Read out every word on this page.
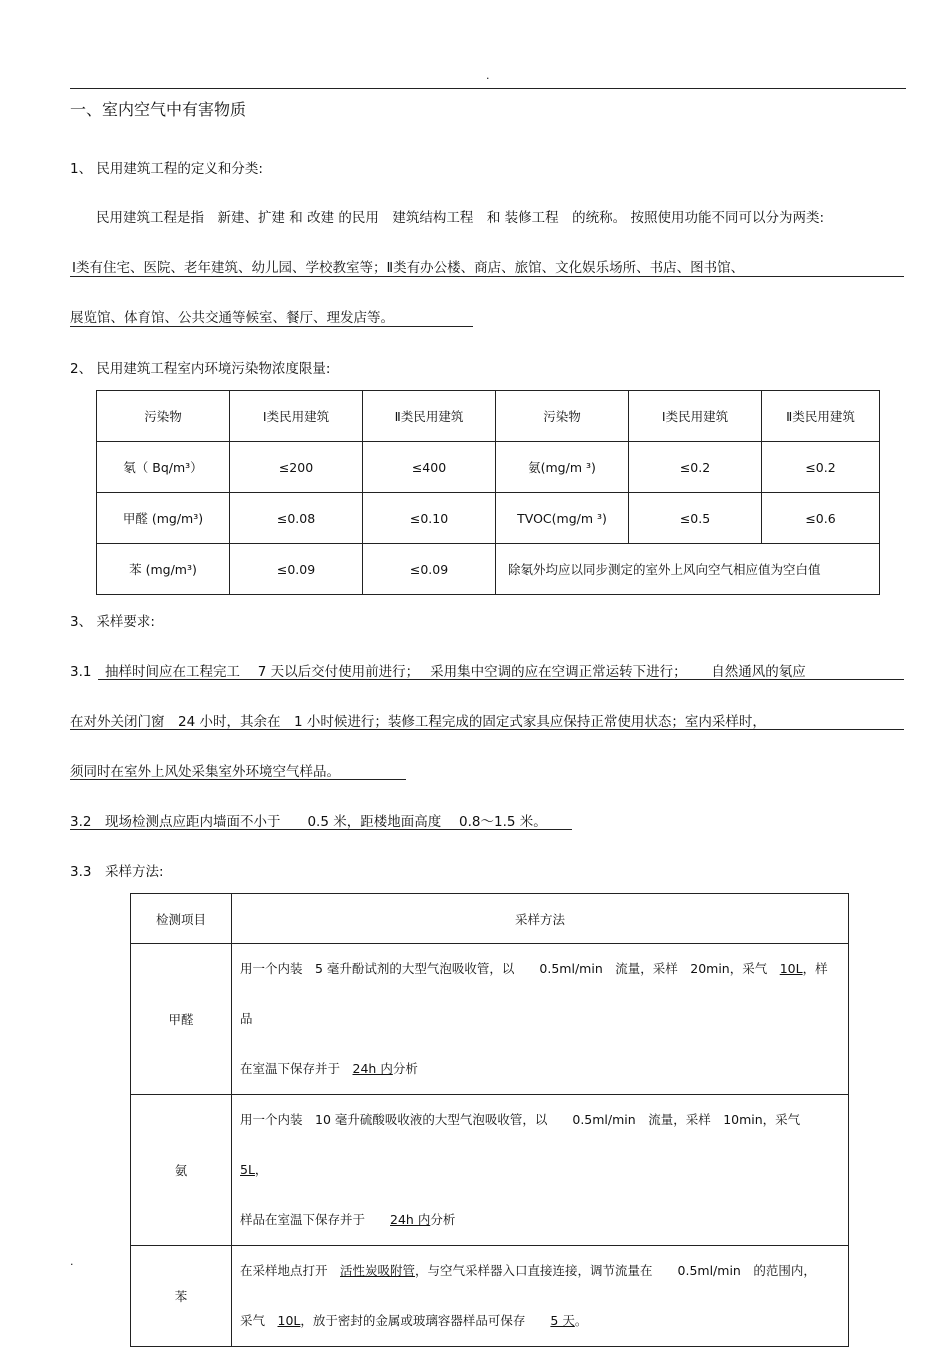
.
一、室内空气中有害物质
1、 民用建筑工程的定义和分类:
民用建筑工程是指　新建、扩建 和 改建 的民用　建筑结构工程　和 装修工程　的统称。 按照使用功能不同可以分为两类:
Ⅰ类有住宅、医院、老年建筑、幼儿园、学校教室等；Ⅱ类有办公楼、商店、旅馆、文化娱乐场所、书店、图书馆、
展览馆、体育馆、公共交通等候室、餐厅、理发店等。
2、 民用建筑工程室内环境污染物浓度限量:
污染物	Ⅰ类民用建筑	Ⅱ类民用建筑	污染物	Ⅰ类民用建筑	Ⅱ类民用建筑
氡（ Bq/m³）	≤200	≤400	氨(mg/m ³)	≤0.2	≤0.2
甲醛 (mg/m³)	≤0.08	≤0.10	TVOC(mg/m ³)	≤0.5	≤0.6
苯 (mg/m³)	≤0.09	≤0.09	除氡外均应以同步测定的室外上风向空气相应值为空白值		
3、 采样要求:
3.1　抽样时间应在工程完工　 7 天以后交付使用前进行；　 采用集中空调的应在空调正常运转下进行；　　 自然通风的氡应
在对外关闭门窗　24 小时，其余在　1 小时候进行；装修工程完成的固定式家具应保持正常使用状态；室内采样时，
须同时在室外上风处采集室外环境空气样品。
3.2　现场检测点应距内墙面不小于　　0.5 米，距楼地面高度　 0.8～1.5 米。
3.3　采样方法:
检测项目	采样方法
甲醛	用一个内装　5 毫升酚试剂的大型气泡吸收管，以　　0.5ml/min　流量，采样　20min，采气　10L，样品
在室温下保存并于　24h 内分析

氨	用一个内装　10 毫升硫酸吸收液的大型气泡吸收管，以　　0.5ml/min　流量，采样　10min，采气　5L，
样品在室温下保存并于　　24h 内分析

苯	在采样地点打开　活性炭吸附管，与空气采样器入口直接连接，调节流量在　　0.5ml/min　的范围内，
采气　10L，放于密封的金属或玻璃容器样品可保存　　5 天。
.
